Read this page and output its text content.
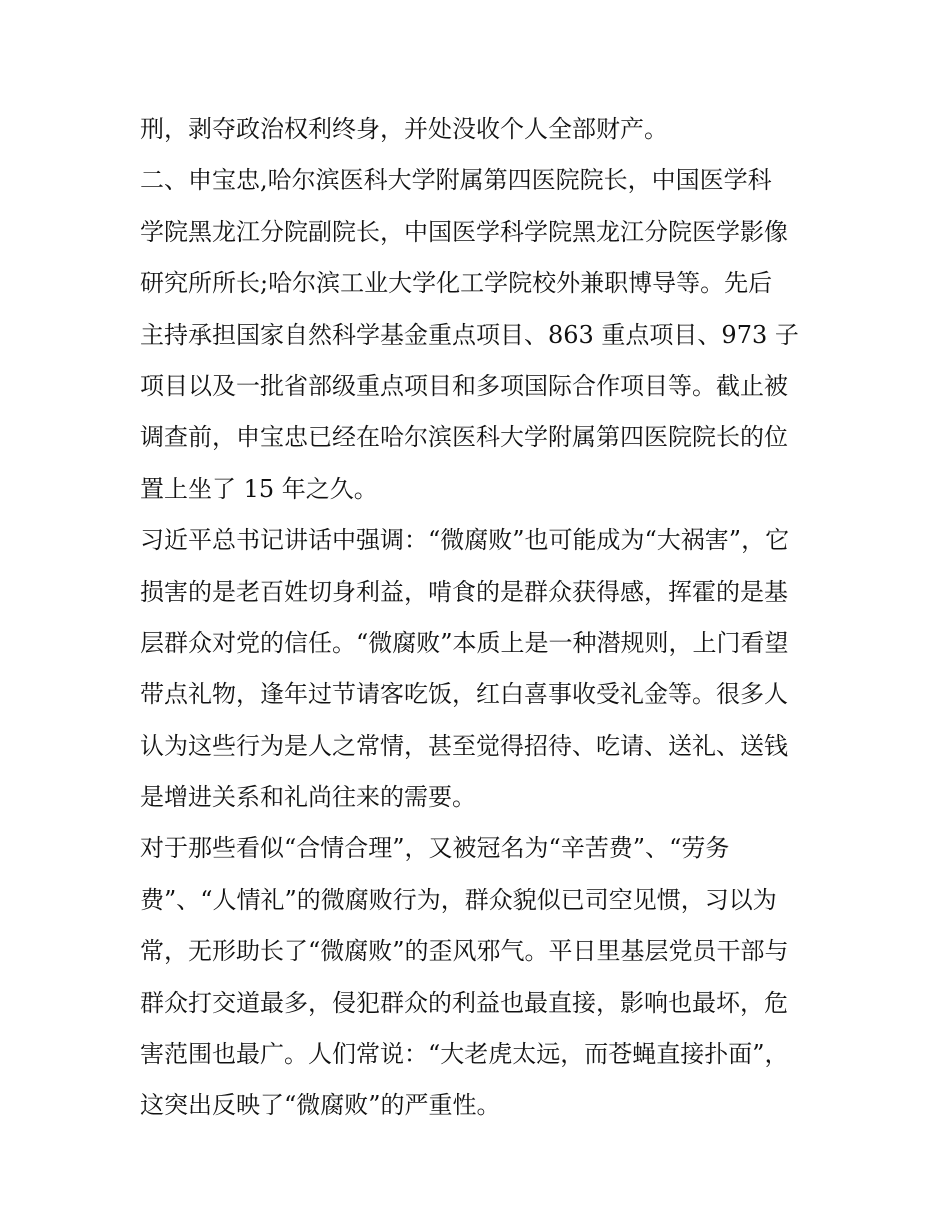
刑，剥夺政治权利终身，并处没收个人全部财产。
二、申宝忠,哈尔滨医科大学附属第四医院院长，中国医学科
学院黑龙江分院副院长，中国医学科学院黑龙江分院医学影像
研究所所长;哈尔滨工业大学化工学院校外兼职博导等。先后
主持承担国家自然科学基金重点项目、863 重点项目、973 子
项目以及一批省部级重点项目和多项国际合作项目等。截止被
调查前，申宝忠已经在哈尔滨医科大学附属第四医院院长的位
置上坐了 15 年之久。
习近平总书记讲话中强调：“微腐败”也可能成为“大祸害”，它
损害的是老百姓切身利益，啃食的是群众获得感，挥霍的是基
层群众对党的信任。“微腐败”本质上是一种潜规则，上门看望
带点礼物，逢年过节请客吃饭，红白喜事收受礼金等。很多人
认为这些行为是人之常情，甚至觉得招待、吃请、送礼、送钱
是增进关系和礼尚往来的需要。
对于那些看似“合情合理”，又被冠名为“辛苦费”、“劳务
费”、“人情礼”的微腐败行为，群众貌似已司空见惯，习以为
常，无形助长了“微腐败”的歪风邪气。平日里基层党员干部与
群众打交道最多，侵犯群众的利益也最直接，影响也最坏，危
害范围也最广。人们常说：“大老虎太远，而苍蝇直接扑面”，
这突出反映了“微腐败”的严重性。
